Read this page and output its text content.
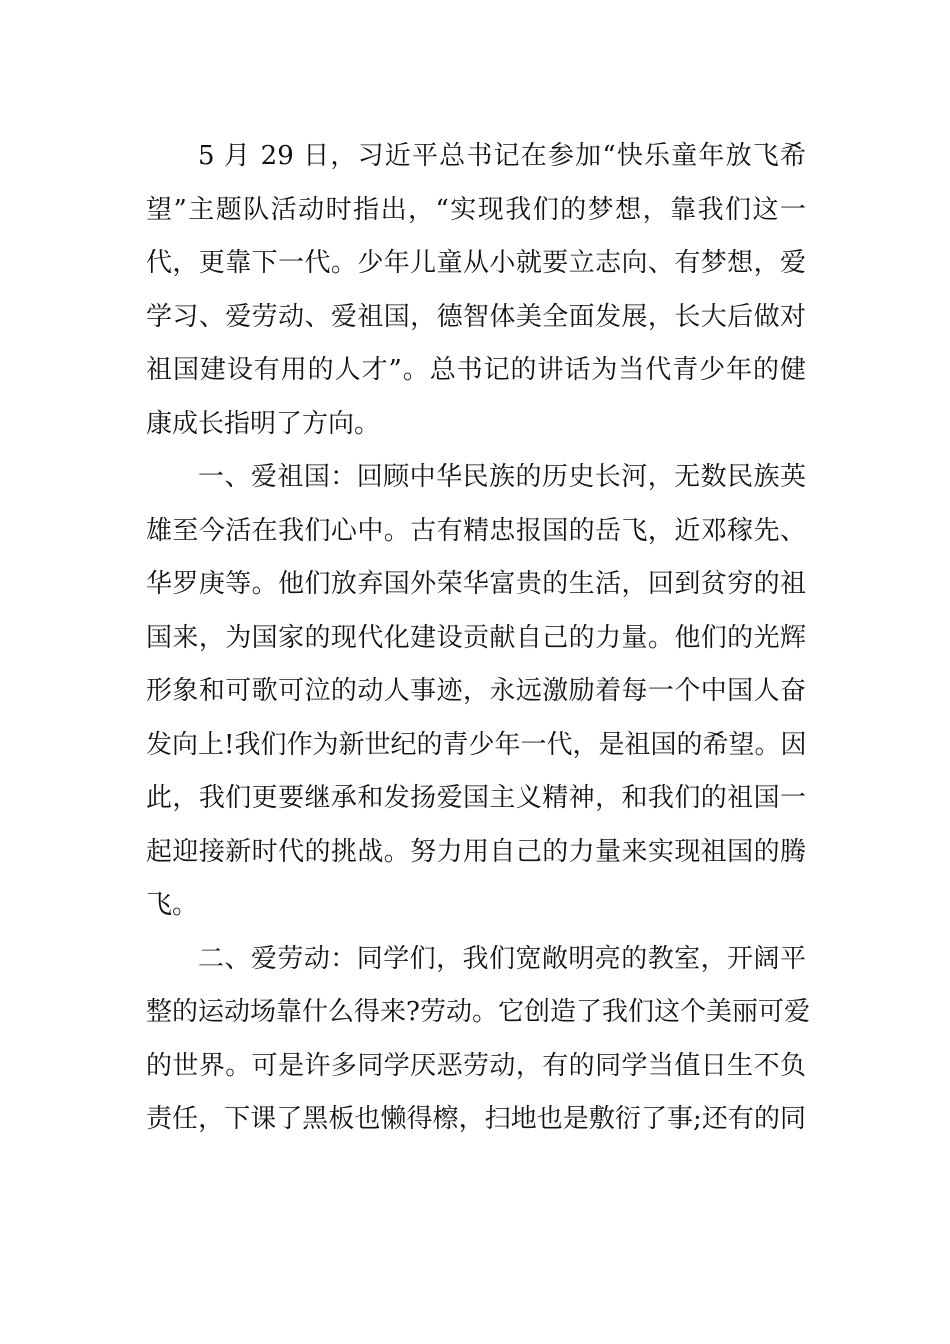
5 月 29 日，习近平总书记在参加“快乐童年放飞希
望”主题队活动时指出，“实现我们的梦想，靠我们这一
代，更靠下一代。少年儿童从小就要立志向、有梦想，爱
学习、爱劳动、爱祖国，德智体美全面发展，长大后做对
祖国建设有用的人才”。总书记的讲话为当代青少年的健
康成长指明了方向。
一、爱祖国：回顾中华民族的历史长河，无数民族英
雄至今活在我们心中。古有精忠报国的岳飞，近邓稼先、
华罗庚等。他们放弃国外荣华富贵的生活，回到贫穷的祖
国来，为国家的现代化建设贡献自己的力量。他们的光辉
形象和可歌可泣的动人事迹，永远激励着每一个中国人奋
发向上!我们作为新世纪的青少年一代，是祖国的希望。因
此，我们更要继承和发扬爱国主义精神，和我们的祖国一
起迎接新时代的挑战。努力用自己的力量来实现祖国的腾
飞。
二、爱劳动：同学们，我们宽敞明亮的教室，开阔平
整的运动场靠什么得来?劳动。它创造了我们这个美丽可爱
的世界。可是许多同学厌恶劳动，有的同学当值日生不负
责任，下课了黑板也懒得檫，扫地也是敷衍了事;还有的同
